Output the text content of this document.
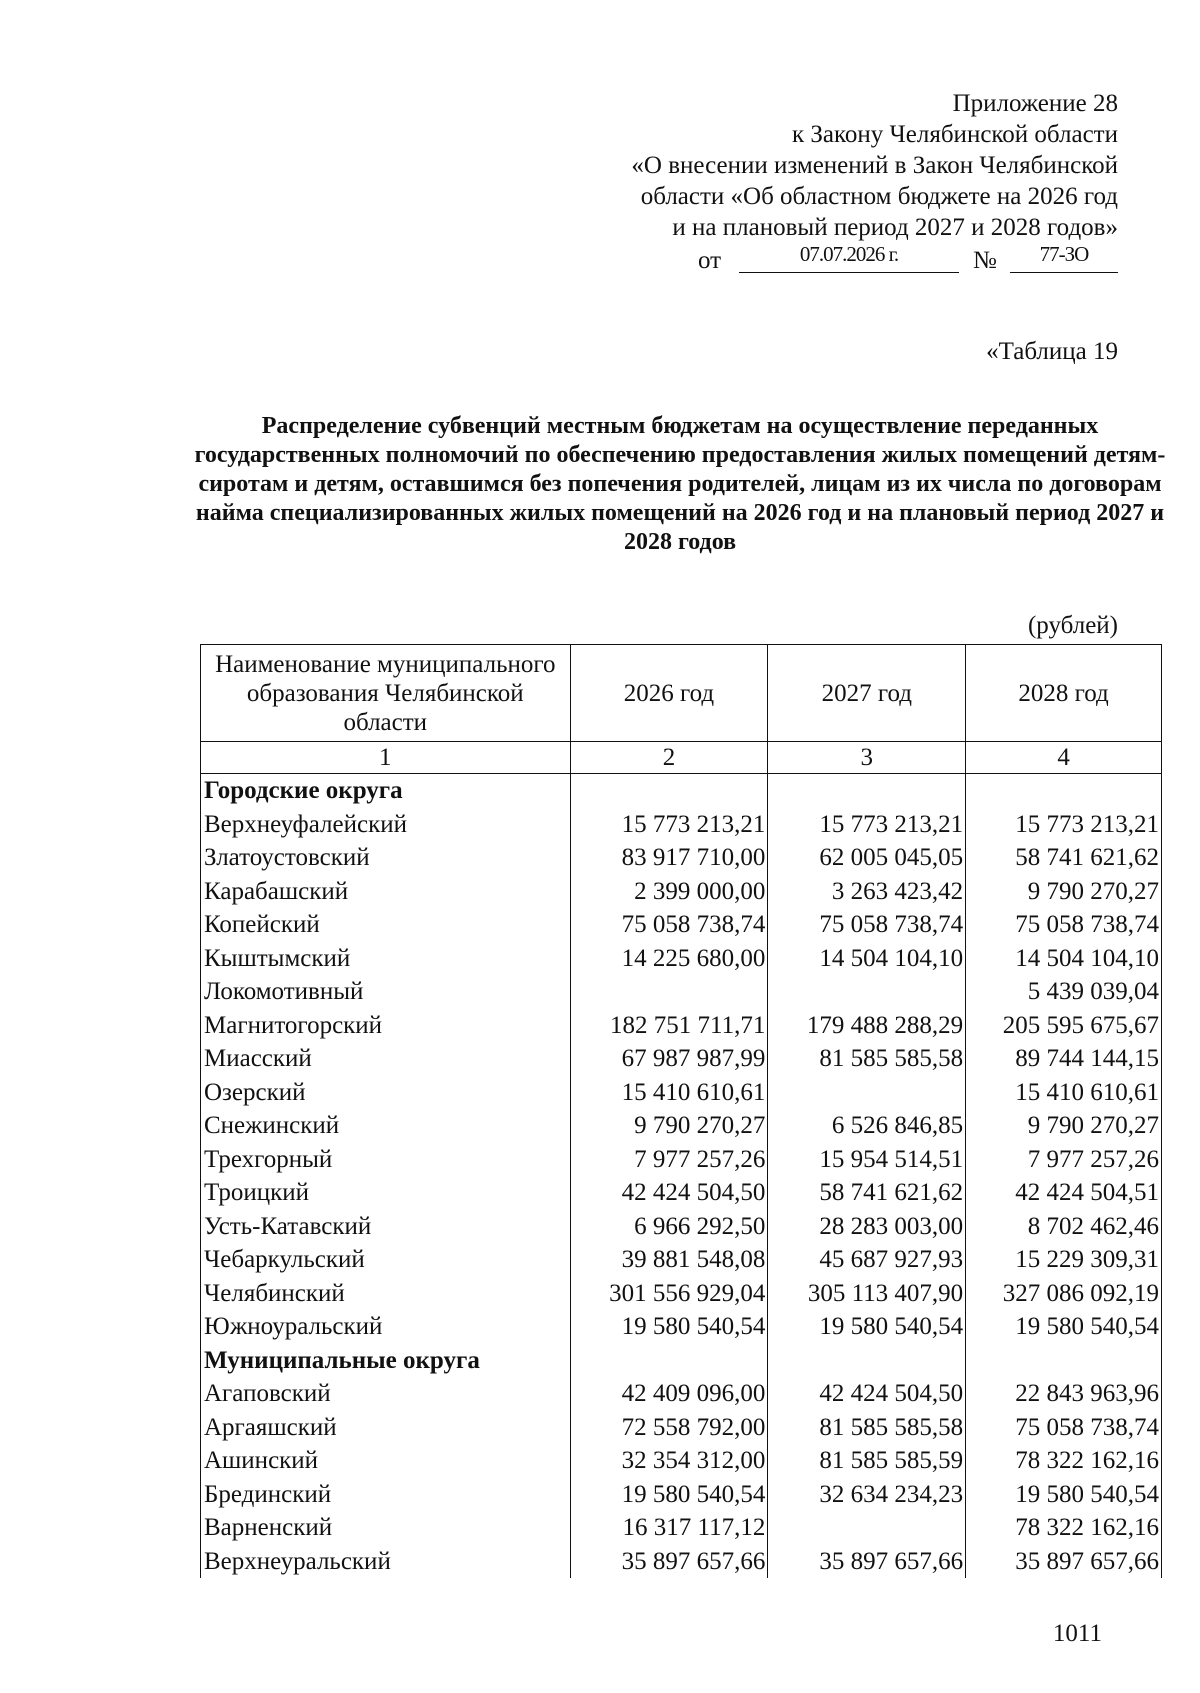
Приложение 28
к Закону Челябинской области
«О внесении изменений в Закон Челябинской
области «Об областном бюджете на 2026 год
и на плановый период 2027 и 2028 годов»
от	07.07.2026 г.	№	77-ЗО
«Таблица 19
Распределение субвенций местным бюджетам на осуществление переданных государственных полномочий по обеспечению предоставления жилых помещений детям-сиротам и детям, оставшимся без попечения родителей, лицам из их числа по договорам найма специализированных жилых помещений на 2026 год и на плановый период 2027 и 2028 годов
(рублей)
Наименование муниципального образования Челябинской области	2026 год	2027 год	2028 год
1	2	3	4
Городские округа			
Верхнеуфалейский	15 773 213,21	15 773 213,21	15 773 213,21
Златоустовский	83 917 710,00	62 005 045,05	58 741 621,62
Карабашский	2 399 000,00	3 263 423,42	9 790 270,27
Копейский	75 058 738,74	75 058 738,74	75 058 738,74
Кыштымский	14 225 680,00	14 504 104,10	14 504 104,10
Локомотивный			5 439 039,04
Магнитогорский	182 751 711,71	179 488 288,29	205 595 675,67
Миасский	67 987 987,99	81 585 585,58	89 744 144,15
Озерский	15 410 610,61		15 410 610,61
Снежинский	9 790 270,27	6 526 846,85	9 790 270,27
Трехгорный	7 977 257,26	15 954 514,51	7 977 257,26
Троицкий	42 424 504,50	58 741 621,62	42 424 504,51
Усть-Катавский	6 966 292,50	28 283 003,00	8 702 462,46
Чебаркульский	39 881 548,08	45 687 927,93	15 229 309,31
Челябинский	301 556 929,04	305 113 407,90	327 086 092,19
Южноуральский	19 580 540,54	19 580 540,54	19 580 540,54
Муниципальные округа			
Агаповский	42 409 096,00	42 424 504,50	22 843 963,96
Аргаяшский	72 558 792,00	81 585 585,58	75 058 738,74
Ашинский	32 354 312,00	81 585 585,59	78 322 162,16
Брединский	19 580 540,54	32 634 234,23	19 580 540,54
Варненский	16 317 117,12		78 322 162,16
Верхнеуральский	35 897 657,66	35 897 657,66	35 897 657,66
1011
